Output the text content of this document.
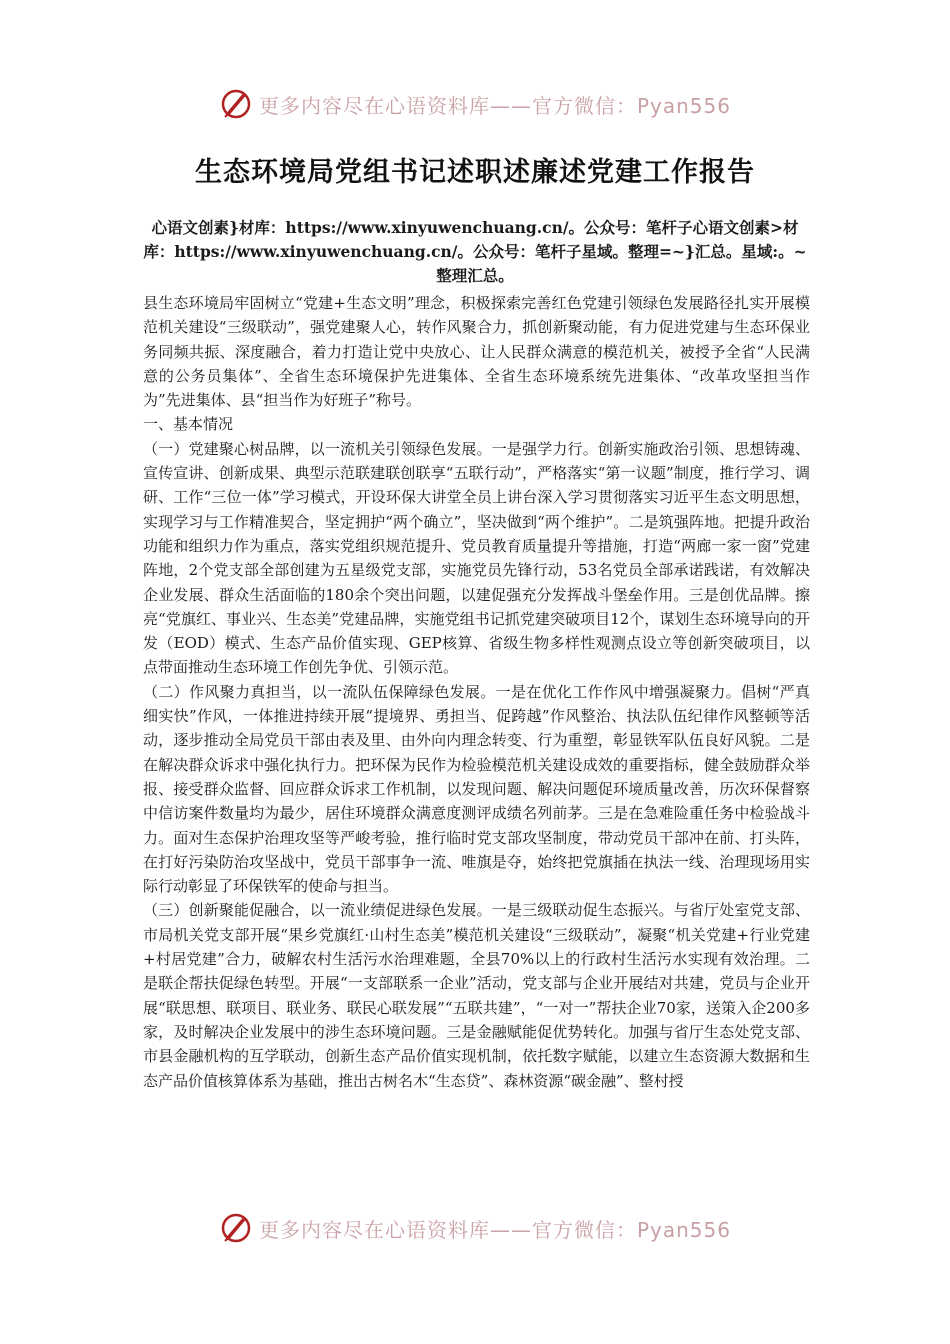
更多内容尽在心语资料库——官方微信：Pyan556
生态环境局党组书记述职述廉述党建工作报告
心语文创素}材库：https://www.xinyuwenchuang.cn/。公众号：笔杆子心语文创素>材库：https://www.xinyuwenchuang.cn/。公众号：笔杆子星域。整理=~}汇总。星域:。~整理汇总。

县生态环境局牢固树立“党建+生态文明”理念，积极探索完善红色党建引领绿色发展路径扎实开展模范机关建设“三级联动”，强党建聚人心，转作风聚合力，抓创新聚动能，有力促进党建与生态环保业务同频共振、深度融合，着力打造让党中央放心、让人民群众满意的模范机关，被授予全省“人民满意的公务员集体”、全省生态环境保护先进集体、全省生态环境系统先进集体、“改革攻坚担当作为”先进集体、县“担当作为好班子”称号。

一、基本情况

（一）党建聚心树品牌，以一流机关引领绿色发展。一是强学力行。创新实施政治引领、思想铸魂、宣传宣讲、创新成果、典型示范联建联创联享“五联行动”，严格落实“第一议题”制度，推行学习、调研、工作“三位一体”学习模式，开设环保大讲堂全员上讲台深入学习贯彻落实习近平生态文明思想，实现学习与工作精准契合，坚定拥护“两个确立”，坚决做到“两个维护”。二是筑强阵地。把提升政治功能和组织力作为重点，落实党组织规范提升、党员教育质量提升等措施，打造“两廊一家一窗”党建阵地，2个党支部全部创建为五星级党支部，实施党员先锋行动，53名党员全部承诺践诺，有效解决企业发展、群众生活面临的180余个突出问题，以建促强充分发挥战斗堡垒作用。三是创优品牌。擦亮“党旗红、事业兴、生态美”党建品牌，实施党组书记抓党建突破项目12个，谋划生态环境导向的开发（EOD）模式、生态产品价值实现、GEP核算、省级生物多样性观测点设立等创新突破项目，以点带面推动生态环境工作创先争优、引领示范。

（二）作风聚力真担当，以一流队伍保障绿色发展。一是在优化工作作风中增强凝聚力。倡树“严真细实快”作风，一体推进持续开展“提境界、勇担当、促跨越”作风整治、执法队伍纪律作风整顿等活动，逐步推动全局党员干部由表及里、由外向内理念转变、行为重塑，彰显铁军队伍良好风貌。二是在解决群众诉求中强化执行力。把环保为民作为检验模范机关建设成效的重要指标，健全鼓励群众举报、接受群众监督、回应群众诉求工作机制，以发现问题、解决问题促环境质量改善，历次环保督察中信访案件数量均为最少，居住环境群众满意度测评成绩名列前茅。三是在急难险重任务中检验战斗力。面对生态保护治理攻坚等严峻考验，推行临时党支部攻坚制度，带动党员干部冲在前、打头阵，在打好污染防治攻坚战中，党员干部事争一流、唯旗是夺，始终把党旗插在执法一线、治理现场用实际行动彰显了环保铁军的使命与担当。

（三）创新聚能促融合，以一流业绩促进绿色发展。一是三级联动促生态振兴。与省厅处室党支部、市局机关党支部开展“果乡党旗红·山村生态美”模范机关建设“三级联动”，凝聚“机关党建+行业党建+村居党建”合力，破解农村生活污水治理难题，全县70%以上的行政村生活污水实现有效治理。二是联企帮扶促绿色转型。开展“一支部联系一企业”活动，党支部与企业开展结对共建，党员与企业开展“联思想、联项目、联业务、联民心联发展”“五联共建”，“一对一”帮扶企业70家，送策入企200多家，及时解决企业发展中的涉生态环境问题。三是金融赋能促优势转化。加强与省厅生态处党支部、市县金融机构的互学联动，创新生态产品价值实现机制，依托数字赋能，以建立生态资源大数据和生态产品价值核算体系为基础，推出古树名木“生态贷”、森林资源“碳金融”、整村授

更多内容尽在心语资料库——官方微信：Pyan556
